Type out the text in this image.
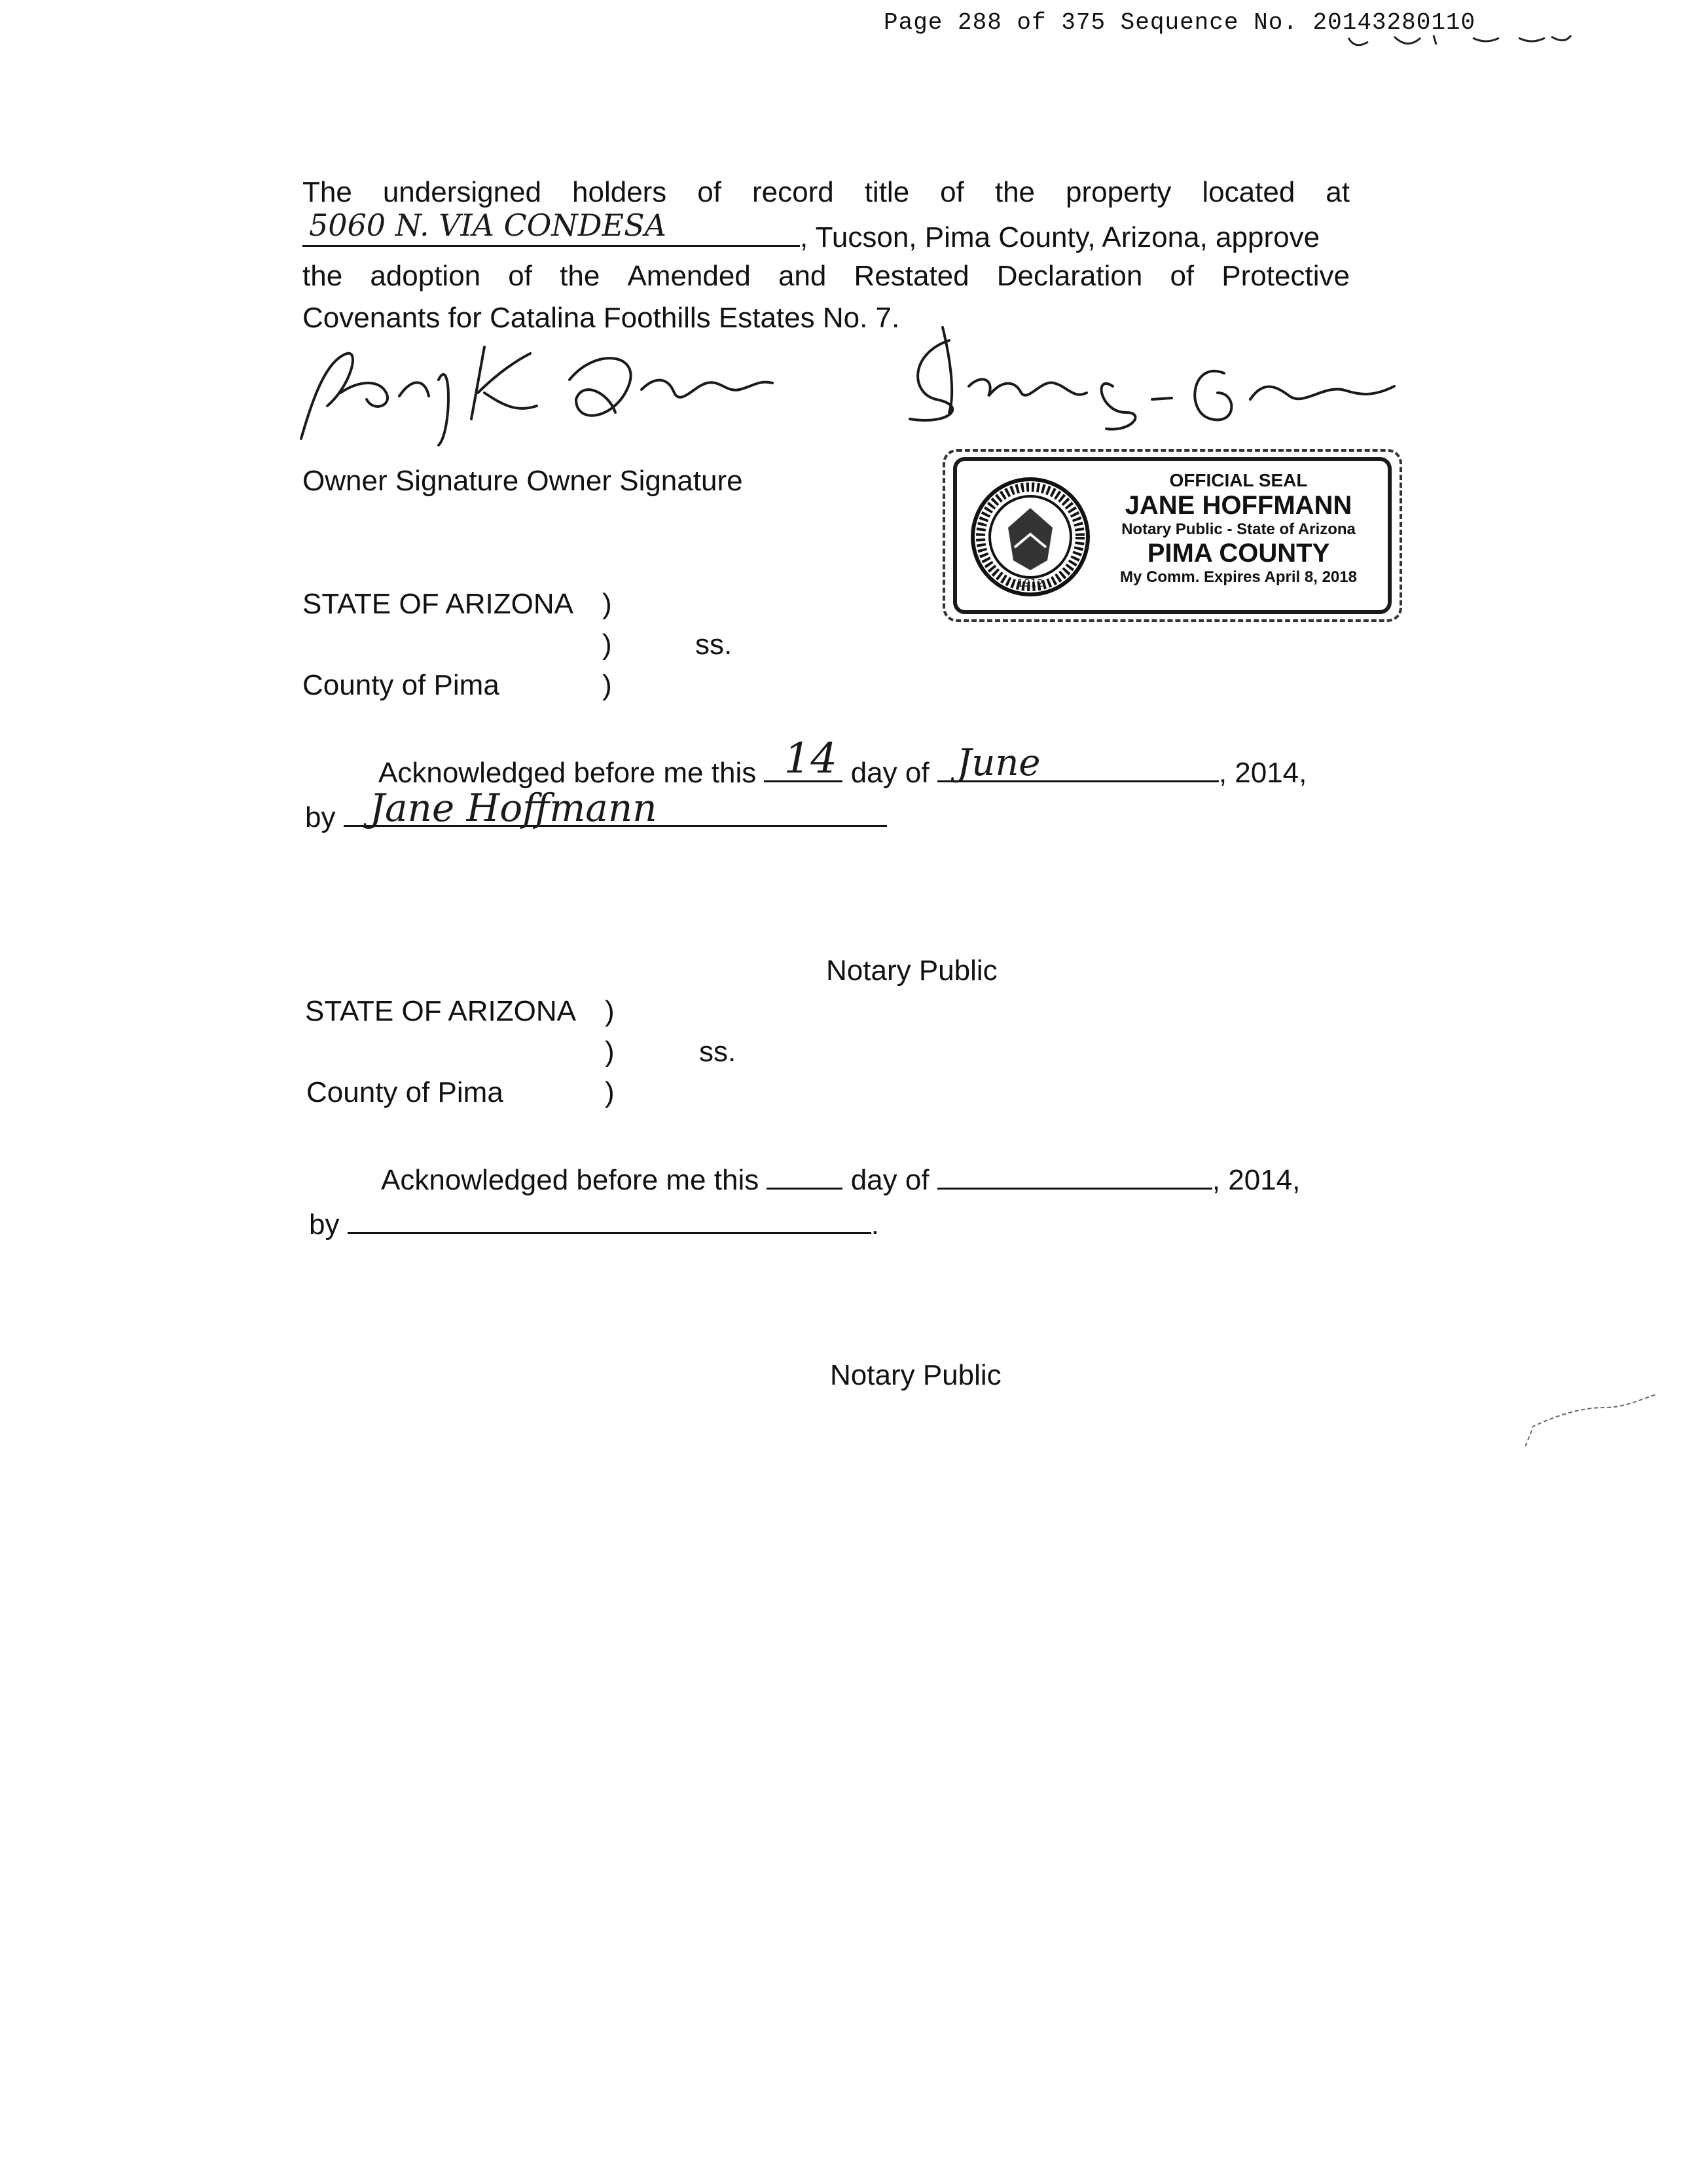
Page 288 of 375 Sequence No. 20143280110
The undersigned holders of record title of the property located at
5060 N. VIA CONDESA	, Tucson, Pima County, Arizona, approve
the adoption of the Amended and Restated Declaration of Protective
Covenants for Catalina Foothills Estates No. 7.
Owner Signature Owner Signature
1912
OFFICIAL SEAL
JANE HOFFMANN
Notary Public - State of Arizona
PIMA COUNTY
My Comm. Expires April 8, 2018
STATE OF ARIZONA )
)	ss.
County of Pima	)
Acknowledged before me this 14 day of June	, 2014,
by Jane Hoffmann
Notary Public
STATE OF ARIZONA )
)	ss.
County of Pima	)
Acknowledged before me this	day of	, 2014,
by	.
Notary Public
